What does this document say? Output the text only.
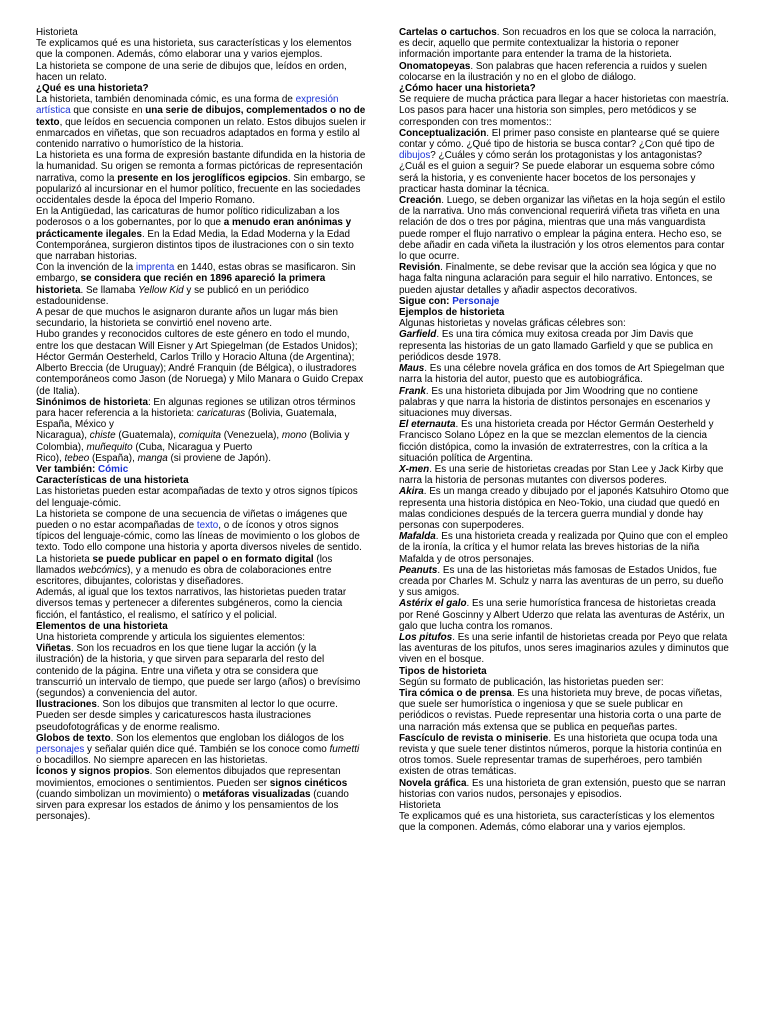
Historieta

Te explicamos qué es una historieta, sus características y los elementos que la componen. Además, cómo elaborar una y varios ejemplos.

La historieta se compone de una serie de dibujos que, leídos en orden, hacen un relato.

¿Qué es una historieta?

La historieta, también denominada cómic, es una forma de expresión artística que consiste en una serie de dibujos, complementados o no de texto, que leídos en secuencia componen un relato. Estos dibujos suelen ir enmarcados en viñetas, que son recuadros adaptados en forma y estilo al contenido narrativo o humorístico de la historia.

La historieta es una forma de expresión bastante difundida en la historia de la humanidad. Su origen se remonta a formas pictóricas de representación narrativa, como la presente en los jeroglíficos egipcios. Sin embargo, se popularizó al incursionar en el humor político, frecuente en las sociedades occidentales desde la época del Imperio Romano.

En la Antigüedad, las caricaturas de humor político ridiculizaban a los poderosos o a los gobernantes, por lo que a menudo eran anónimas y prácticamente ilegales. En la Edad Media, la Edad Moderna y la Edad Contemporánea, surgieron distintos tipos de ilustraciones con o sin texto que narraban historias.

Con la invención de la imprenta en 1440, estas obras se masificaron. Sin embargo, se considera que recién en 1896 apareció la primera historieta. Se llamaba Yellow Kid y se publicó en un periódico estadounidense.

A pesar de que muchos le asignaron durante años un lugar más bien secundario, la historieta se convirtió enel noveno arte.

Hubo grandes y reconocidos cultores de este género en todo el mundo, entre los que destacan Will Eisner y Art Spiegelman (de Estados Unidos); Héctor Germán Oesterheld, Carlos Trillo y Horacio Altuna (de Argentina); Alberto Breccia (de Uruguay); André Franquin (de Bélgica), o ilustradores contemporáneos como Jason (de Noruega) y Milo Manara o Guido Crepax (de Italia).

Sinónimos de historieta: En algunas regiones se utilizan otros términos para hacer referencia a la historieta: caricaturas (Bolivia, Guatemala, España, México y
Nicaragua), chiste (Guatemala), comiquita (Venezuela), mono (Bolivia y Colombia), muñequito (Cuba, Nicaragua y Puerto
Rico), tebeo (España), manga (si proviene de Japón).

Ver también: Cómic

Características de una historieta

Las historietas pueden estar acompañadas de texto y otros signos típicos del lenguaje-cómic.

La historieta se compone de una secuencia de viñetas o imágenes que pueden o no estar acompañadas de texto, o de íconos y otros signos típicos del lenguaje-cómic, como las líneas de movimiento o los globos de texto. Todo ello compone una historia y aporta diversos niveles de sentido.

La historieta se puede publicar en papel o en formato digital (los llamados webcómics), y a menudo es obra de colaboraciones entre escritores, dibujantes, coloristas y diseñadores.

Además, al igual que los textos narrativos, las historietas pueden tratar diversos temas y pertenecer a diferentes subgéneros, como la ciencia ficción, el fantástico, el realismo, el satírico y el policial.

Elementos de una historieta

Una historieta comprende y articula los siguientes elementos:

Viñetas. Son los recuadros en los que tiene lugar la acción (y la ilustración) de la historia, y que sirven para separarla del resto del contenido de la página. Entre una viñeta y otra se considera que transcurrió un intervalo de tiempo, que puede ser largo (años) o brevísimo (segundos) a conveniencia del autor.

Ilustraciones. Son los dibujos que transmiten al lector lo que ocurre. Pueden ser desde simples y caricaturescos hasta ilustraciones pseudofotográficas y de enorme realismo.

Globos de texto. Son los elementos que engloban los diálogos de los personajes y señalar quién dice qué. También se los conoce como fumetti o bocadillos. No siempre aparecen en las historietas.

Íconos y signos propios. Son elementos dibujados que representan movimientos, emociones o sentimientos. Pueden ser signos cinéticos (cuando simbolizan un movimiento) o metáforas visualizadas (cuando sirven para expresar los estados de ánimo y los pensamientos de los personajes).

Cartelas o cartuchos. Son recuadros en los que se coloca la narración, es decir, aquello que permite contextualizar la historia o reponer información importante para entender la trama de la historieta.

Onomatopeyas. Son palabras que hacen referencia a ruidos y suelen colocarse en la ilustración y no en el globo de diálogo.

¿Cómo hacer una historieta?

Se requiere de mucha práctica para llegar a hacer historietas con maestría.

Los pasos para hacer una historia son simples, pero metódicos y se corresponden con tres momentos::

Conceptualización. El primer paso consiste en plantearse qué se quiere contar y cómo. ¿Qué tipo de historia se busca contar? ¿Con qué tipo de dibujos? ¿Cuáles y cómo serán los protagonistas y los antagonistas? ¿Cuál es el guion a seguir? Se puede elaborar un esquema sobre cómo será la historia, y es conveniente hacer bocetos de los personajes y practicar hasta dominar la técnica.

Creación. Luego, se deben organizar las viñetas en la hoja según el estilo de la narrativa. Uno más convencional requerirá viñeta tras viñeta en una relación de dos o tres por página, mientras que una más vanguardista puede romper el flujo narrativo o emplear la página entera. Hecho eso, se debe añadir en cada viñeta la ilustración y los otros elementos para contar lo que ocurre.

Revisión. Finalmente, se debe revisar que la acción sea lógica y que no haga falta ninguna aclaración para seguir el hilo narrativo. Entonces, se pueden ajustar detalles y añadir aspectos decorativos.

Sigue con: Personaje

Ejemplos de historieta

Algunas historietas y novelas gráficas célebres son:

Garfield. Es una tira cómica muy exitosa creada por Jim Davis que representa las historias de un gato llamado Garfield y que se publica en periódicos desde 1978.

Maus. Es una célebre novela gráfica en dos tomos de Art Spiegelman que narra la historia del autor, puesto que es autobiográfica.

Frank. Es una historieta dibujada por Jim Woodring que no contiene palabras y que narra la historia de distintos personajes en escenarios y situaciones muy diversas.

El eternauta. Es una historieta creada por Héctor Germán Oesterheld y Francisco Solano López en la que se mezclan elementos de la ciencia ficción distópica, como la invasión de extraterrestres, con la crítica a la situación política de Argentina.

X-men. Es una serie de historietas creadas por Stan Lee y Jack Kirby que narra la historia de personas mutantes con diversos poderes.

Akira. Es un manga creado y dibujado por el japonés Katsuhiro Otomo que representa una historia distópica en Neo-Tokio, una ciudad que quedó en malas condiciones después de la tercera guerra mundial y donde hay personas con superpoderes.

Mafalda. Es una historieta creada y realizada por Quino que con el empleo de la ironía, la crítica y el humor relata las breves historias de la niña Mafalda y de otros personajes.

Peanuts. Es una de las historietas más famosas de Estados Unidos, fue creada por Charles M. Schulz y narra las aventuras de un perro, su dueño y sus amigos.

Astérix el galo. Es una serie humorística francesa de historietas creada por René Goscinny y Albert Uderzo que relata las aventuras de Astérix, un galo que lucha contra los romanos.

Los pitufos. Es una serie infantil de historietas creada por Peyo que relata las aventuras de los pitufos, unos seres imaginarios azules y diminutos que viven en el bosque.

Tipos de historieta

Según su formato de publicación, las historietas pueden ser:

Tira cómica o de prensa. Es una historieta muy breve, de pocas viñetas, que suele ser humorística o ingeniosa y que se suele publicar en periódicos o revistas. Puede representar una historia corta o una parte de una narración más extensa que se publica en pequeñas partes.

Fascículo de revista o miniserie. Es una historieta que ocupa toda una revista y que suele tener distintos números, porque la historia continúa en otros tomos. Suele representar tramas de superhéroes, pero también existen de otras temáticas.

Novela gráfica. Es una historieta de gran extensión, puesto que se narran historias con varios nudos, personajes y episodios.

Historieta

Te explicamos qué es una historieta, sus características y los elementos que la componen. Además, cómo elaborar una y varios ejemplos.
